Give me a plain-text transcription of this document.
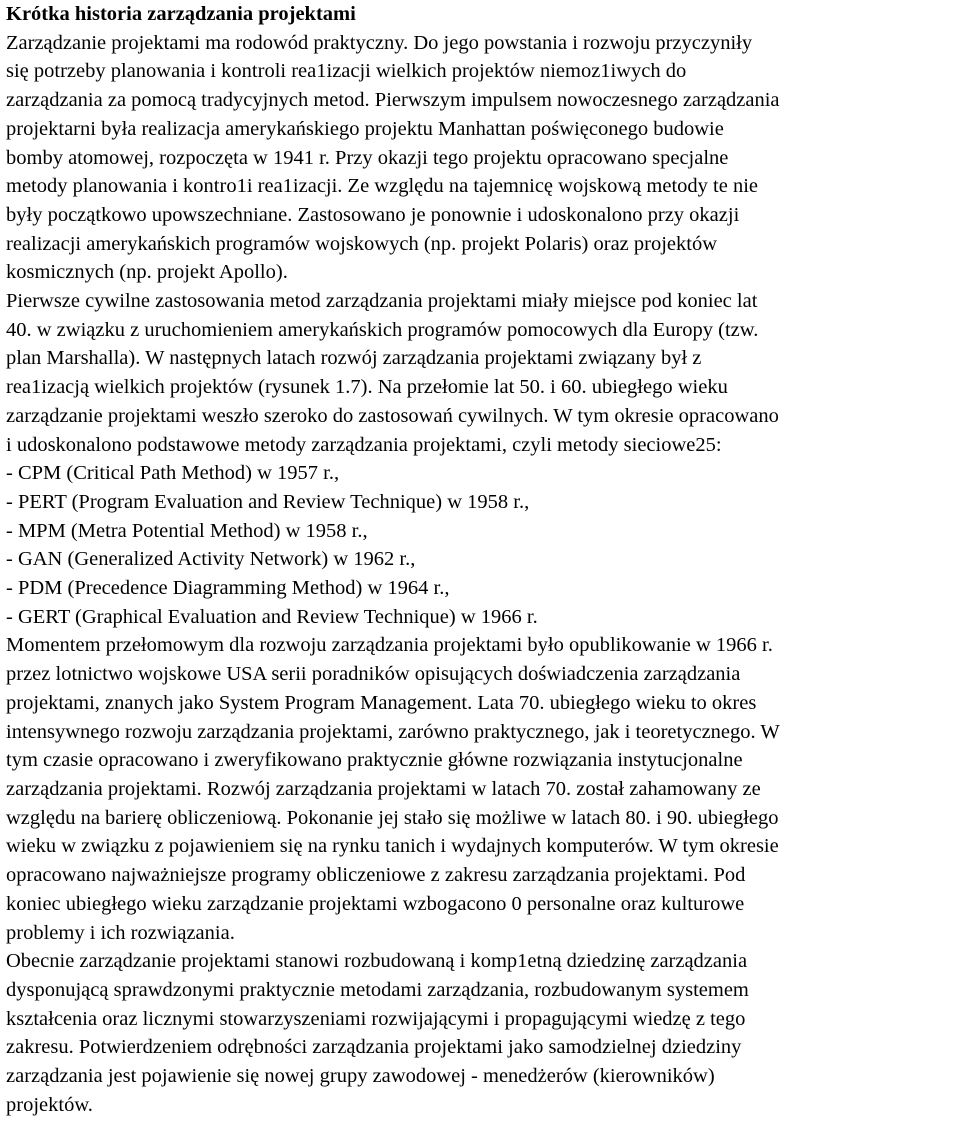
Krótka historia zarządzania projektami
Zarządzanie projektami ma rodowód praktyczny. Do jego powstania i rozwoju przyczyniły
się potrzeby planowania i kontroli rea1izacji wielkich projektów niemoz1iwych do
zarządzania za pomocą tradycyjnych metod. Pierwszym impulsem nowoczesnego zarządzania
projektarni była realizacja amerykańskiego projektu Manhattan poświęconego budowie
bomby atomowej, rozpoczęta w 1941 r. Przy okazji tego projektu opracowano specjalne
metody planowania i kontro1i rea1izacji. Ze względu na tajemnicę wojskową metody te nie
były początkowo upowszechniane. Zastosowano je ponownie i udoskonalono przy okazji
realizacji amerykańskich programów wojskowych (np. projekt Polaris) oraz projektów
kosmicznych (np. projekt Apollo).
Pierwsze cywilne zastosowania metod zarządzania projektami miały miejsce pod koniec lat
40. w związku z uruchomieniem amerykańskich programów pomocowych dla Europy (tzw.
plan Marshalla). W następnych latach rozwój zarządzania projektami związany był z
rea1izacją wielkich projektów (rysunek 1.7). Na przełomie lat 50. i 60. ubiegłego wieku
zarządzanie projektami weszło szeroko do zastosowań cywilnych. W tym okresie opracowano
i udoskonalono podstawowe metody zarządzania projektami, czyli metody sieciowe25:
- CPM (Critical Path Method) w 1957 r.,
- PERT (Program Evaluation and Review Technique) w 1958 r.,
- MPM (Metra Potential Method) w 1958 r.,
- GAN (Generalized Activity Network) w 1962 r.,
- PDM (Precedence Diagramming Method) w 1964 r.,
- GERT (Graphical Evaluation and Review Technique) w 1966 r.
Momentem przełomowym dla rozwoju zarządzania projektami było opublikowanie w 1966 r.
przez lotnictwo wojskowe USA serii poradników opisujących doświadczenia zarządzania
projektami, znanych jako System Program Management. Lata 70. ubiegłego wieku to okres
intensywnego rozwoju zarządzania projektami, zarówno praktycznego, jak i teoretycznego. W
tym czasie opracowano i zweryfikowano praktycznie główne rozwiązania instytucjonalne
zarządzania projektami. Rozwój zarządzania projektami w latach 70. został zahamowany ze
względu na barierę obliczeniową. Pokonanie jej stało się możliwe w latach 80. i 90. ubiegłego
wieku w związku z pojawieniem się na rynku tanich i wydajnych komputerów. W tym okresie
opracowano najważniejsze programy obliczeniowe z zakresu zarządzania projektami. Pod
koniec ubiegłego wieku zarządzanie projektami wzbogacono 0 personalne oraz kulturowe
problemy i ich rozwiązania.
Obecnie zarządzanie projektami stanowi rozbudowaną i komp1etną dziedzinę zarządzania
dysponującą sprawdzonymi praktycznie metodami zarządzania, rozbudowanym systemem
kształcenia oraz licznymi stowarzyszeniami rozwijającymi i propagującymi wiedzę z tego
zakresu. Potwierdzeniem odrębności zarządzania projektami jako samodzielnej dziedziny
zarządzania jest pojawienie się nowej grupy zawodowej - menedżerów (kierowników)
projektów.
